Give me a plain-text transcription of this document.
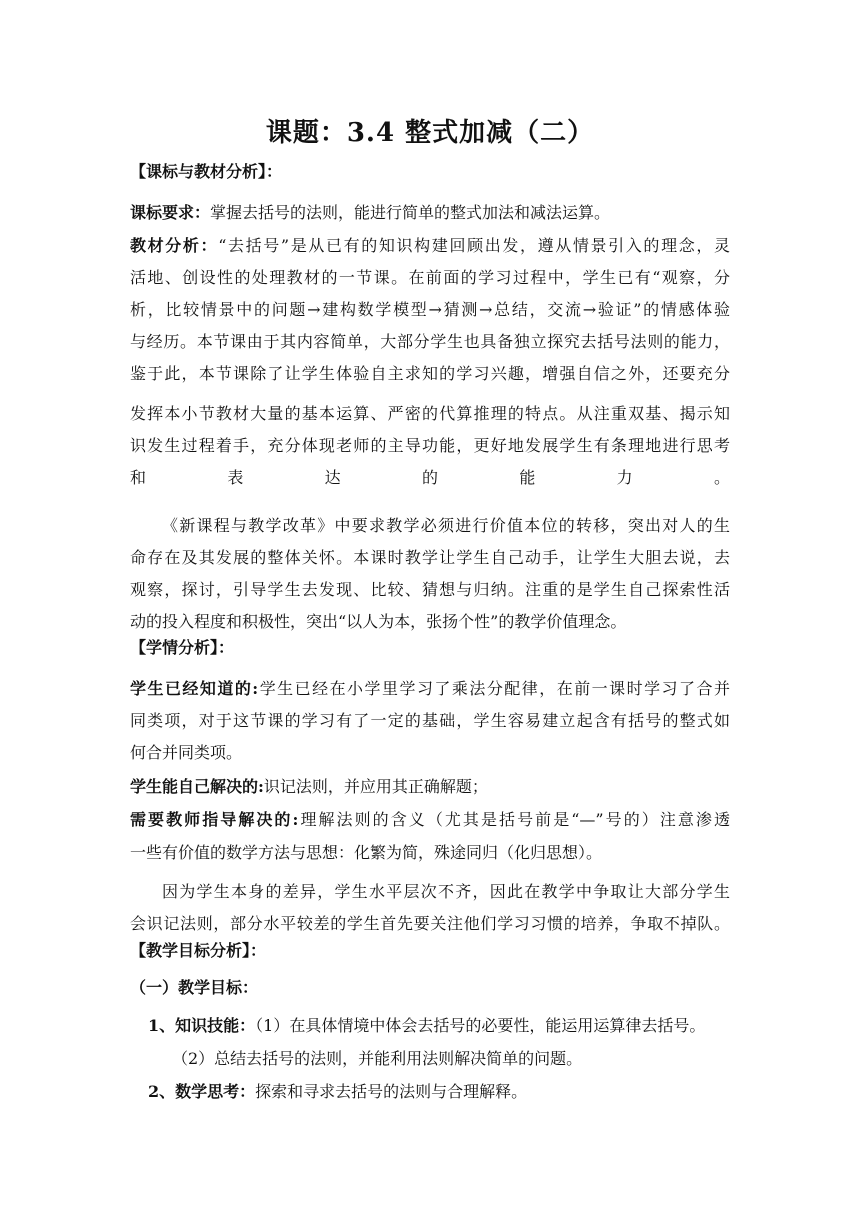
课题：3.4 整式加减（二）
【课标与教材分析】：
课标要求：掌握去括号的法则，能进行简单的整式加法和减法运算。
教材分析：“去括号”是从已有的知识构建回顾出发，遵从情景引入的理念，灵
活地、创设性的处理教材的一节课。在前面的学习过程中，学生已有“观察，分
析，比较情景中的问题→建构数学模型→猜测→总结，交流→验证”的情感体验
与经历。本节课由于其内容简单，大部分学生也具备独立探究去括号法则的能力，
鉴于此，本节课除了让学生体验自主求知的学习兴趣，增强自信之外，还要充分
发挥本小节教材大量的基本运算、严密的代算推理的特点。从注重双基、揭示知
识发生过程着手，充分体现老师的主导功能，更好地发展学生有条理地进行思考
和表达的能力。
《新课程与教学改革》中要求教学必须进行价值本位的转移，突出对人的生
命存在及其发展的整体关怀。本课时教学让学生自己动手，让学生大胆去说，去
观察，探讨，引导学生去发现、比较、猜想与归纳。注重的是学生自己探索性活
动的投入程度和积极性，突出“以人为本，张扬个性”的教学价值理念。
【学情分析】：
学生已经知道的:学生已经在小学里学习了乘法分配律，在前一课时学习了合并
同类项，对于这节课的学习有了一定的基础，学生容易建立起含有括号的整式如
何合并同类项。
学生能自己解决的:识记法则，并应用其正确解题；
需要教师指导解决的:理解法则的含义（尤其是括号前是“—”号的）注意渗透
一些有价值的数学方法与思想：化繁为简，殊途同归（化归思想）。
因为学生本身的差异，学生水平层次不齐，因此在教学中争取让大部分学生
会识记法则，部分水平较差的学生首先要关注他们学习习惯的培养，争取不掉队。
【教学目标分析】：
（一）教学目标：
1、知识技能：（1）在具体情境中体会去括号的必要性，能运用运算律去括号。
（2）总结去括号的法则，并能利用法则解决简单的问题。
2、数学思考：探索和寻求去括号的法则与合理解释。
